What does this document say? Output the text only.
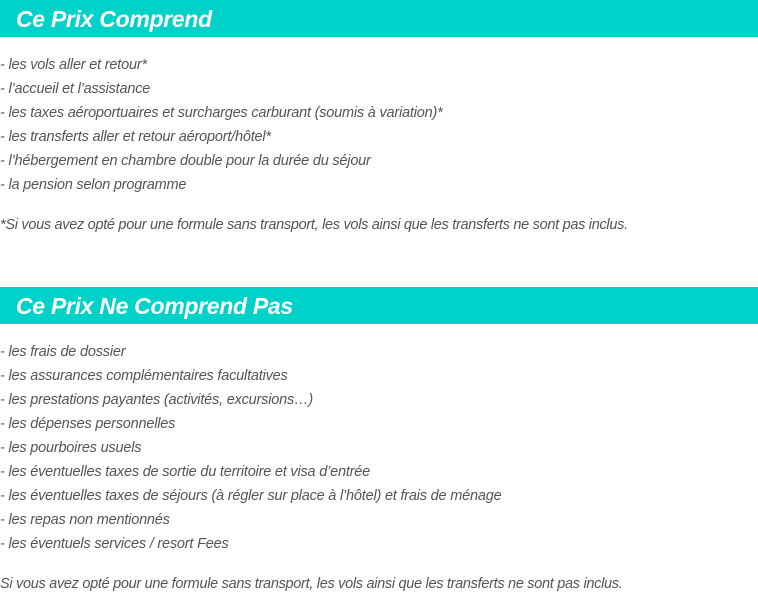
Ce Prix Comprend
- les vols aller et retour*
- l’accueil et l’assistance
- les taxes aéroportuaires et surcharges carburant (soumis à variation)*
- les transferts aller et retour aéroport/hôtel*
- l’hébergement en chambre double pour la durée du séjour
- la pension selon programme

*Si vous avez opté pour une formule sans transport, les vols ainsi que les transferts ne sont pas inclus.

Ce Prix Ne Comprend Pas
- les frais de dossier
- les assurances complémentaires facultatives
- les prestations payantes (activités, excursions…)
- les dépenses personnelles
- les pourboires usuels
- les éventuelles taxes de sortie du territoire et visa d’entrée
- les éventuelles taxes de séjours (à régler sur place à l’hôtel) et frais de ménage
- les repas non mentionnés
- les éventuels services / resort Fees

Si vous avez opté pour une formule sans transport, les vols ainsi que les transferts ne sont pas inclus.
